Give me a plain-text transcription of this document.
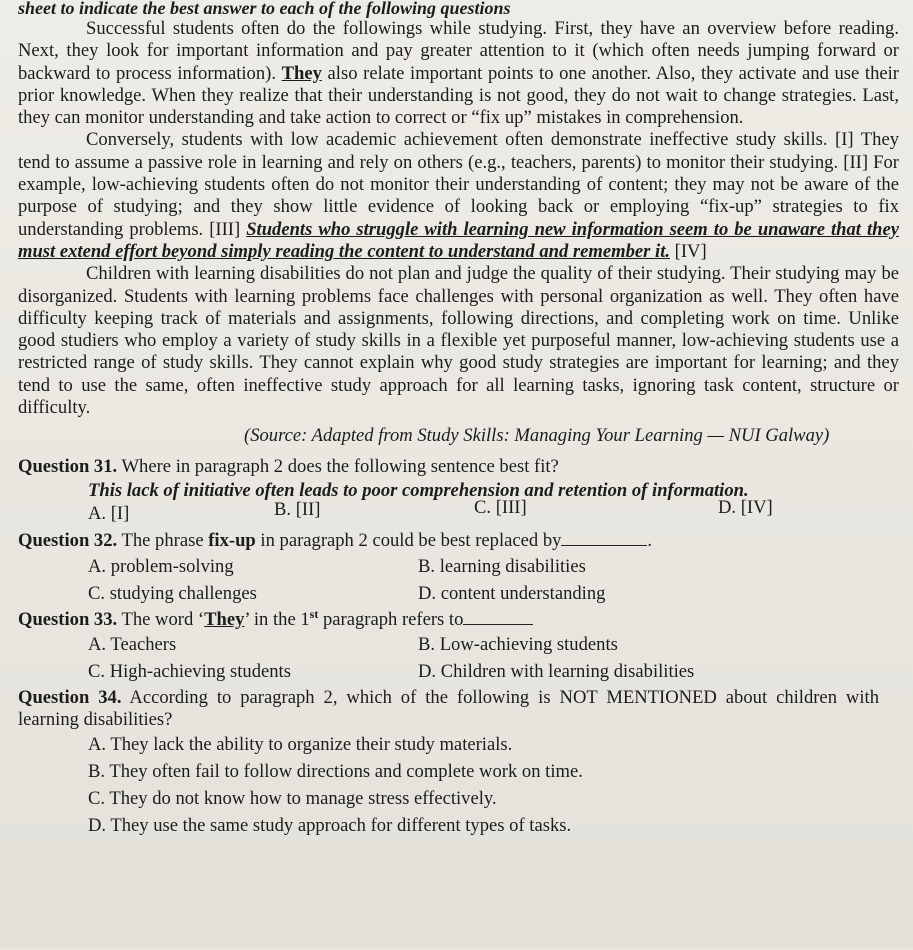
sheet to indicate the best answer to each of the following questions

Successful students often do the followings while studying. First, they have an overview before reading. Next, they look for important information and pay greater attention to it (which often needs jumping forward or backward to process information). They also relate important points to one another. Also, they activate and use their prior knowledge. When they realize that their understanding is not good, they do not wait to change strategies. Last, they can monitor understanding and take action to correct or “fix up” mistakes in comprehension.

Conversely, students with low academic achievement often demonstrate ineffective study skills. [I] They tend to assume a passive role in learning and rely on others (e.g., teachers, parents) to monitor their studying. [II] For example, low-achieving students often do not monitor their understanding of content; they may not be aware of the purpose of studying; and they show little evidence of looking back or employing “fix-up” strategies to fix understanding problems. [III] Students who struggle with learning new information seem to be unaware that they must extend effort beyond simply reading the content to understand and remember it. [IV]

Children with learning disabilities do not plan and judge the quality of their studying. Their studying may be disorganized. Students with learning problems face challenges with personal organization as well. They often have difficulty keeping track of materials and assignments, following directions, and completing work on time. Unlike good studiers who employ a variety of study skills in a flexible yet purposeful manner, low-achieving students use a restricted range of study skills. They cannot explain why good study strategies are important for learning; and they tend to use the same, often ineffective study approach for all learning tasks, ignoring task content, structure or difficulty.

(Source: Adapted from Study Skills: Managing Your Learning — NUI Galway)

Question 31. Where in paragraph 2 does the following sentence best fit?

This lack of initiative often leads to poor comprehension and retention of information.

A. [I]	B. [II]	C. [III]	D. [IV]

Question 32. The phrase fix-up in paragraph 2 could be best replaced by	.

A. problem-solving	B. learning disabilities
C. studying challenges	D. content understanding

Question 33. The word ‘They’ in the 1st paragraph refers to

A. Teachers	B. Low-achieving students
C. High-achieving students	D. Children with learning disabilities

Question 34. According to paragraph 2, which of the following is NOT MENTIONED about children with learning disabilities?

A. They lack the ability to organize their study materials.
B. They often fail to follow directions and complete work on time.
C. They do not know how to manage stress effectively.
D. They use the same study approach for different types of tasks.
